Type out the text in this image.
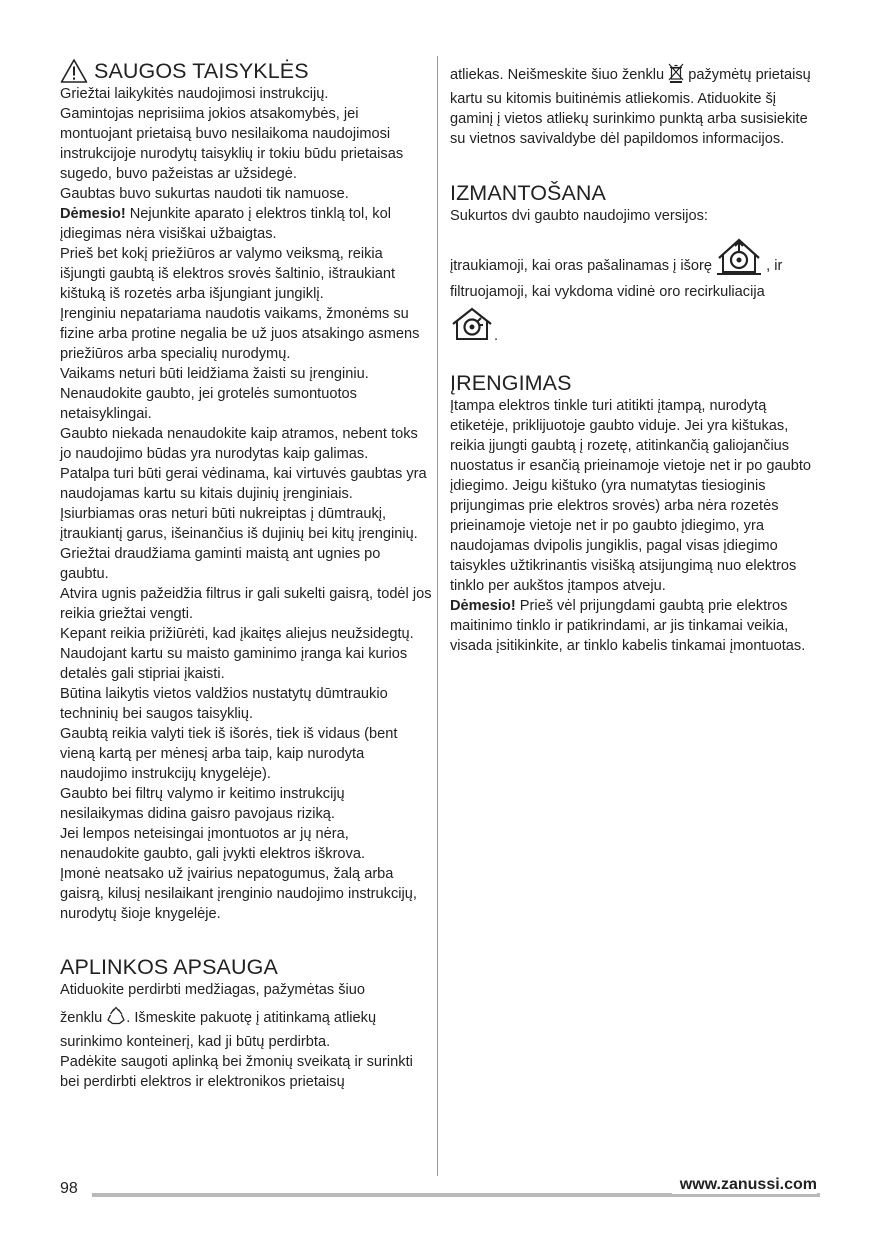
SAUGOS TAISYKLĖS

Griežtai laikykitės naudojimosi instrukcijų.

Gamintojas neprisiima jokios atsakomybės, jei montuojant prietaisą buvo nesilaikoma naudojimosi instrukcijoje nurodytų taisyklių ir tokiu būdu prietaisas sugedo, buvo pažeistas ar užsidegė.

Gaubtas buvo sukurtas naudoti tik namuose.

Dėmesio! Nejunkite aparato į elektros tinklą tol, kol įdiegimas nėra visiškai užbaigtas.

Prieš bet kokį priežiūros ar valymo veiksmą, reikia išjungti gaubtą iš elektros srovės šaltinio, ištraukiant kištuką iš rozetės arba išjungiant jungiklį.

Įrenginiu nepatariama naudotis vaikams, žmonėms su fizine arba protine negalia be už juos atsakingo asmens priežiūros arba specialių nurodymų.

Vaikams neturi būti leidžiama žaisti su įrenginiu.

Nenaudokite gaubto, jei grotelės sumontuotos netaisyklingai.

Gaubto niekada nenaudokite kaip atramos, nebent toks jo naudojimo būdas yra nurodytas kaip galimas.

Patalpa turi būti gerai vėdinama, kai virtuvės gaubtas yra naudojamas kartu su kitais dujinių įrenginiais.

Įsiurbiamas oras neturi būti nukreiptas į dūmtraukį, įtraukiantį garus, išeinančius iš dujinių bei kitų įrenginių.

Griežtai draudžiama gaminti maistą ant ugnies po gaubtu.

Atvira ugnis pažeidžia filtrus ir gali sukelti gaisrą, todėl jos reikia griežtai vengti.

Kepant reikia prižiūrėti, kad įkaitęs aliejus neužsidegtų.

Naudojant kartu su maisto gaminimo įranga kai kurios detalės gali stipriai įkaisti.

Būtina laikytis vietos valdžios nustatytų dūmtraukio techninių bei saugos taisyklių.

Gaubtą reikia valyti tiek iš išorės, tiek iš vidaus (bent vieną kartą per mėnesį arba taip, kaip nurodyta naudojimo instrukcijų knygelėje).

Gaubto bei filtrų valymo ir keitimo instrukcijų nesilaikymas didina gaisro pavojaus riziką.

Jei lempos neteisingai įmontuotos ar jų nėra, nenaudokite gaubto, gali įvykti elektros iškrova.

Įmonė neatsako už įvairius nepatogumus, žalą arba gaisrą, kilusį nesilaikant įrenginio naudojimo instrukcijų, nurodytų šioje knygelėje.

APLINKOS APSAUGA

Atiduokite perdirbti medžiagas, pažymėtas šiuo

ženklu . Išmeskite pakuotę į atitinkamą atliekų surinkimo konteinerį, kad ji būtų perdirbta.

Padėkite saugoti aplinką bei žmonių sveikatą ir surinkti bei perdirbti elektros ir elektronikos prietaisų

atliekas. Neišmeskite šiuo ženklu  pažymėtų prietaisų kartu su kitomis buitinėmis atliekomis. Atiduokite šį gaminį į vietos atliekų surinkimo punktą arba susisiekite su vietnos savivaldybe dėl papildomos informacijos.

IZMANTOŠANA

Sukurtos dvi gaubto naudojimo versijos:

įtraukiamoji, kai oras pašalinamas į išorę	, ir filtruojamoji, kai vykdoma vidinė oro recirkuliacija

.

ĮRENGIMAS

Įtampa elektros tinkle turi atitikti įtampą, nurodytą etiketėje, priklijuotoje gaubto viduje. Jei yra kištukas, reikia įjungti gaubtą į rozetę, atitinkančią galiojančius nuostatus ir esančią prieinamoje vietoje net ir po gaubto įdiegimo. Jeigu kištuko (yra numatytas tiesioginis prijungimas prie elektros srovės) arba nėra rozetės prieinamoje vietoje net ir po gaubto įdiegimo, yra naudojamas dvipolis jungiklis, pagal visas įdiegimo taisykles užtikrinantis visišką atsijungimą nuo elektros tinklo per aukštos įtampos atveju.

Dėmesio! Prieš vėl prijungdami gaubtą prie elektros maitinimo tinklo ir patikrindami, ar jis tinkamai veikia, visada įsitikinkite, ar tinklo kabelis tinkamai įmontuotas.

98	www.zanussi.com
